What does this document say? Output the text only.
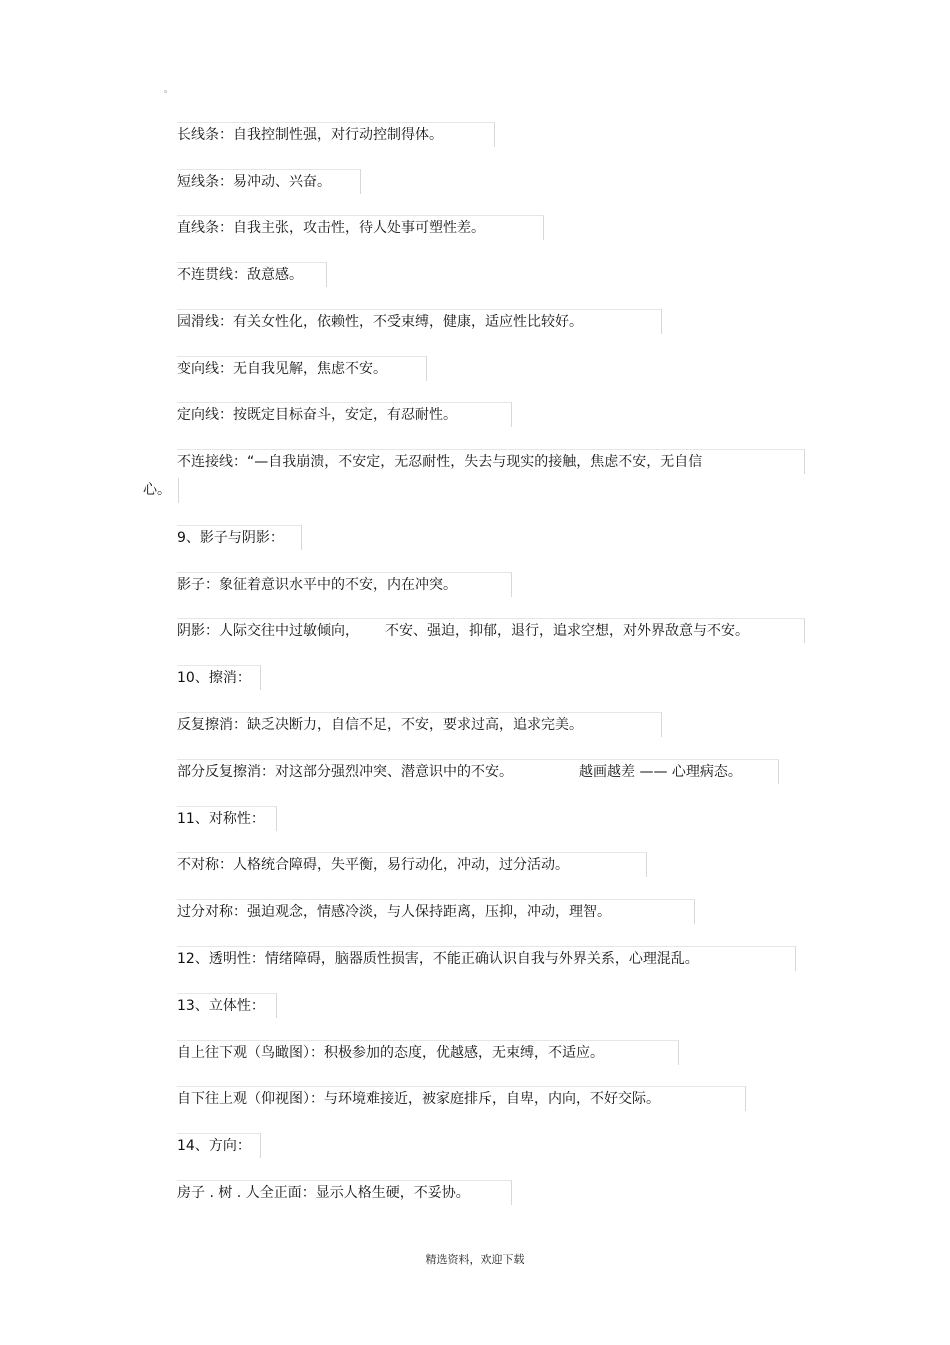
。
长线条：自我控制性强，对行动控制得体。
短线条：易冲动、兴奋。
直线条：自我主张，攻击性，待人处事可塑性差。
不连贯线：敌意感。
园滑线：有关女性化，依赖性，不受束缚，健康，适应性比较好。
变向线：无自我见解，焦虑不安。
定向线：按既定目标奋斗，安定，有忍耐性。
不连接线：“—自我崩溃，不安定，无忍耐性，失去与现实的接触，焦虑不安，无自信
心。
9、影子与阴影：
影子：象征着意识水平中的不安，内在冲突。
阴影：人际交往中过敏倾向， 不安、强迫，抑郁，退行，追求空想，对外界敌意与不安。
10、擦消：
反复擦消：缺乏决断力，自信不足，不安，要求过高，追求完美。
部分反复擦消：对这部分强烈冲突、潜意识中的不安。	越画越差 —— 心理病态。
11、对称性：
不对称：人格统合障碍，失平衡，易行动化，冲动，过分活动。
过分对称：强迫观念，情感冷淡，与人保持距离，压抑，冲动，理智。
12、透明性：情绪障碍，脑器质性损害，不能正确认识自我与外界关系，心理混乱。
13、立体性：
自上往下观（鸟瞰图）：积极参加的态度，优越感，无束缚，不适应。
自下往上观（仰视图）：与环境难接近，被家庭排斥，自卑，内向，不好交际。
14、方向：
房子 . 树 . 人全正面：显示人格生硬，不妥协。
精选资料，欢迎下载
